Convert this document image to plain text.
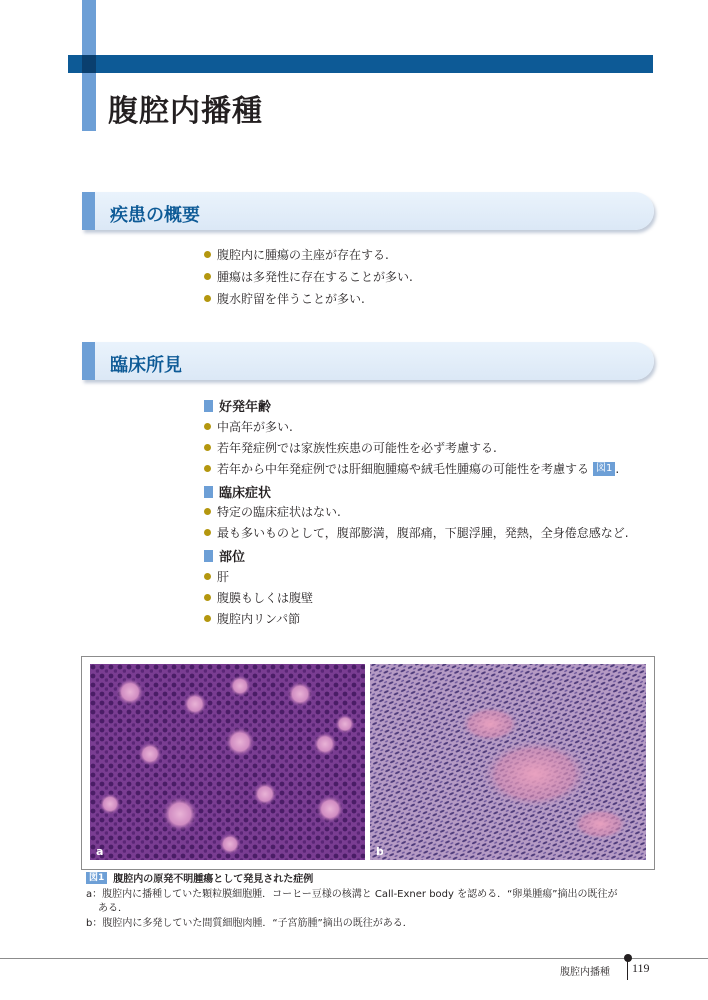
腹腔内播種
疾患の概要
腹腔内に腫瘍の主座が存在する.
腫瘍は多発性に存在することが多い.
腹水貯留を伴うことが多い.
臨床所見
好発年齢
中高年が多い.
若年発症例では家族性疾患の可能性を必ず考慮する.
若年から中年発症例では肝細胞腫瘍や絨毛性腫瘍の可能性を考慮する 図1 .
臨床症状
特定の臨床症状はない.
最も多いものとして，腹部膨満，腹部痛，下腿浮腫，発熱，全身倦怠感など.
部位
肝
腹膜もしくは腹壁
腹腔内リンパ節
a	b
図1 腹腔内の原発不明腫瘍として発見された症例
a：腹腔内に播種していた顆粒膜細胞腫．コーヒー豆様の核溝と Call-Exner body を認める．“卵巣腫瘍”摘出の既往が
ある．
b：腹腔内に多発していた間質細胞肉腫．“子宮筋腫”摘出の既往がある．
腹腔内播種 119
